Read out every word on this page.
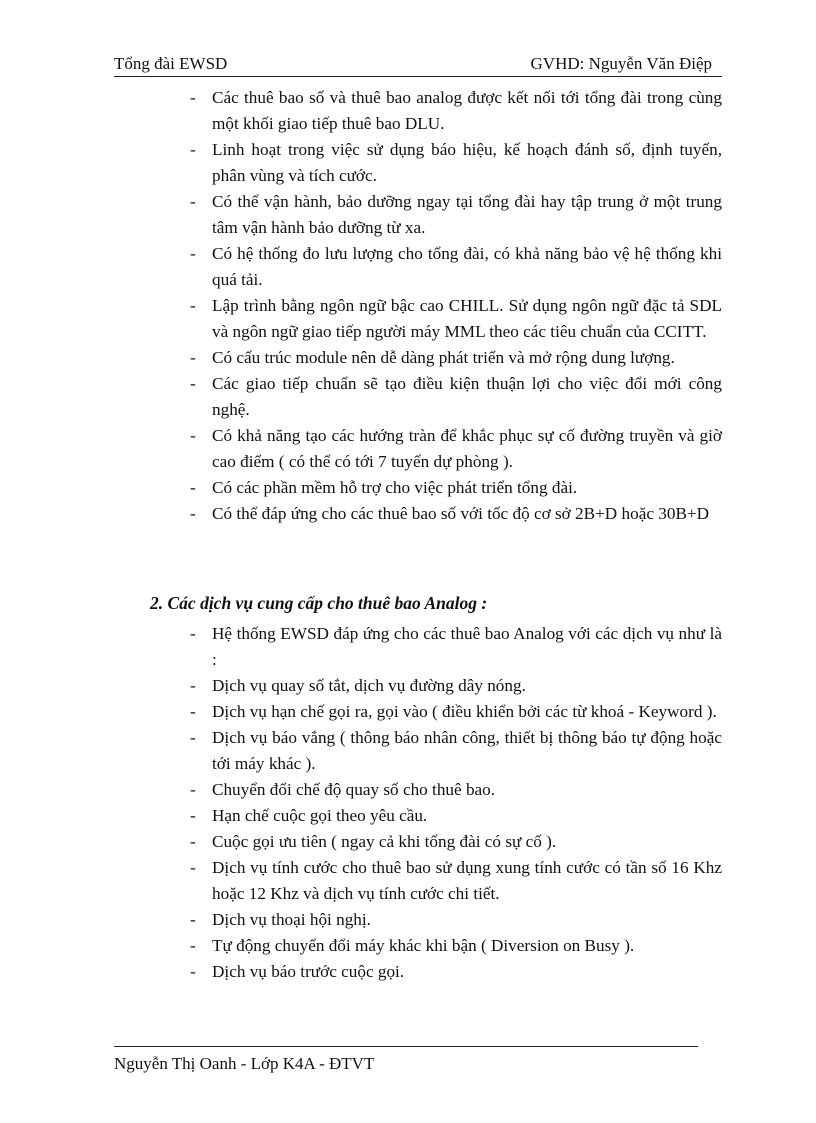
Tổng đài EWSD	GVHD: Nguyễn Văn Điệp
- Các thuê bao số và thuê bao analog được kết nối tới tổng đài trong cùng một khối giao tiếp thuê bao DLU.
- Linh hoạt trong việc sử dụng báo hiệu, kế hoạch đánh số, định tuyến, phân vùng và tích cước.
- Có thể vận hành, bảo dưỡng ngay tại tổng đài hay tập trung ở một trung tâm vận hành bảo dưỡng từ xa.
- Có hệ thống đo lưu lượng cho tổng đài, có khả năng bảo vệ hệ thống khi quá tải.
- Lập trình bằng ngôn ngữ bậc cao CHILL. Sử dụng ngôn ngữ đặc tả SDL và ngôn ngữ giao tiếp người máy MML theo các tiêu chuẩn của CCITT.
- Có cấu trúc module nên dễ dàng phát triển và mở rộng dung lượng.
- Các giao tiếp chuẩn sẽ tạo điều kiện thuận lợi cho việc đổi mới công nghệ.
- Có khả năng tạo các hướng tràn để khắc phục sự cố đường truyền và giờ cao điểm ( có thể có tới 7 tuyến dự phòng ).
- Có các phần mềm hỗ trợ cho việc phát triển tổng đài.
- Có thể đáp ứng cho các thuê bao số với tốc độ cơ sở 2B+D hoặc 30B+D
2. Các dịch vụ cung cấp cho thuê bao Analog :
- Hệ thống EWSD đáp ứng cho các thuê bao Analog với các dịch vụ như là :
- Dịch vụ quay số tắt, dịch vụ đường dây nóng.
- Dịch vụ hạn chế gọi ra, gọi vào ( điều khiển bởi các từ khoá - Keyword ).
- Dịch vụ báo vắng ( thông báo nhân công, thiết bị thông báo tự động hoặc tới máy khác ).
- Chuyển đổi chế độ quay số cho thuê bao.
- Hạn chế cuộc gọi theo yêu cầu.
- Cuộc gọi ưu tiên ( ngay cả khi tổng đài có sự cố ).
- Dịch vụ tính cước cho thuê bao sử dụng xung tính cước có tần số 16 Khz hoặc 12 Khz và dịch vụ tính cước chi tiết.
- Dịch vụ thoại hội nghị.
- Tự động chuyển đổi máy khác khi bận ( Diversion on Busy ).
- Dịch vụ báo trước cuộc gọi.
Nguyễn Thị Oanh - Lớp K4A - ĐTVT
